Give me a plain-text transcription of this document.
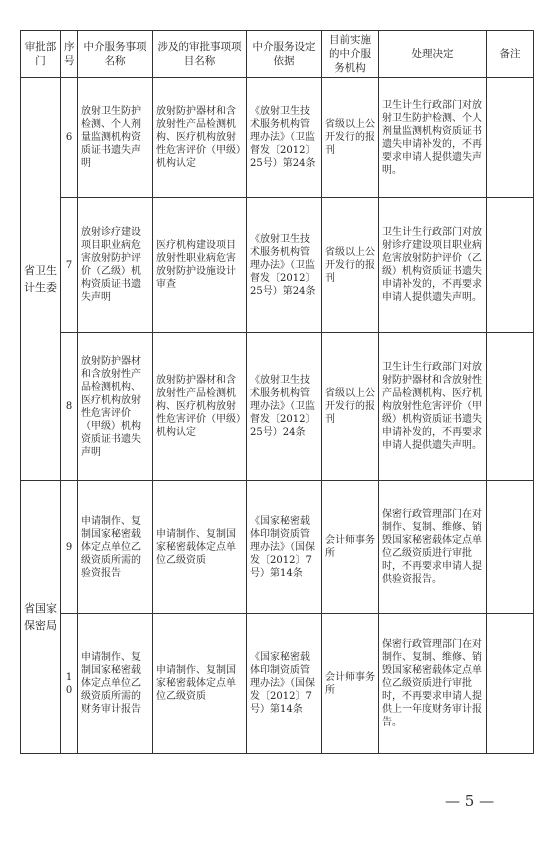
审批部门	序号	中介服务事项名称	涉及的审批事项项目名称	中介服务设定依据	目前实施的中介服务机构	处理决定	备注
省卫生计生委	6	放射卫生防护检测、个人剂量监测机构资质证书遗失声明	放射防护器材和含放射性产品检测机构、医疗机构放射性危害评价（甲级）机构认定	《放射卫生技术服务机构管理办法》（卫监督发〔2012〕25号）第24条	省级以上公开发行的报刊	卫生计生行政部门对放射卫生防护检测、个人剂量监测机构资质证书遗失申请补发的，不再要求申请人提供遗失声明。	
	7	放射诊疗建设项目职业病危害放射防护评价（乙级）机构资质证书遗失声明	医疗机构建设项目放射性职业病危害放射防护设施设计审查	《放射卫生技术服务机构管理办法》（卫监督发〔2012〕25号）第24条	省级以上公开发行的报刊	卫生计生行政部门对放射诊疗建设项目职业病危害放射防护评价（乙级）机构资质证书遗失申请补发的，不再要求申请人提供遗失声明。	
	8	放射防护器材和含放射性产品检测机构、医疗机构放射性危害评价（甲级）机构资质证书遗失声明	放射防护器材和含放射性产品检测机构、医疗机构放射性危害评价（甲级）机构认定	《放射卫生技术服务机构管理办法》（卫监督发〔2012〕25号）24条	省级以上公开发行的报刊	卫生计生行政部门对放射防护器材和含放射性产品检测机构、医疗机构放射性危害评价（甲级）机构资质证书遗失申请补发的，不再要求申请人提供遗失声明。	
省国家保密局	9	申请制作、复制国家秘密载体定点单位乙级资质所需的验资报告	申请制作、复制国家秘密载体定点单位乙级资质	《国家秘密载体印制资质管理办法》（国保发〔2012〕7号）第14条	会计师事务所	保密行政管理部门在对制作、复制、维修、销毁国家秘密载体定点单位乙级资质进行审批时，不再要求申请人提供验资报告。	
	10	申请制作、复制国家秘密载体定点单位乙级资质所需的财务审计报告	申请制作、复制国家秘密载体定点单位乙级资质	《国家秘密载体印制资质管理办法》（国保发〔2012〕7号）第14条	会计师事务所	保密行政管理部门在对制作、复制、维修、销毁国家秘密载体定点单位乙级资质进行审批时，不再要求申请人提供上一年度财务审计报告。	
— 5 —
